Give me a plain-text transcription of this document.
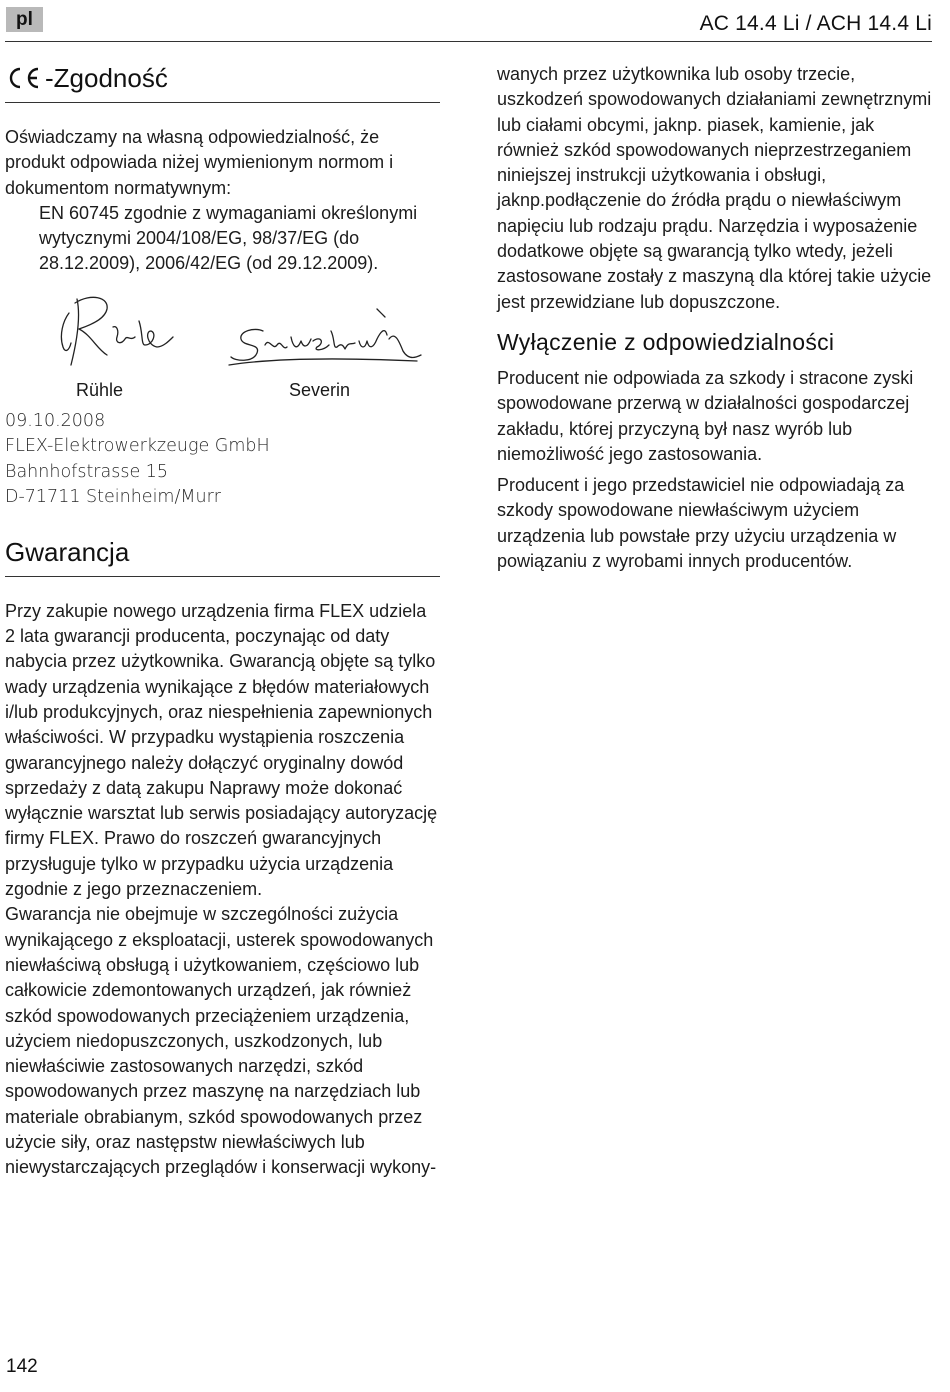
pl	AC 14.4 Li / ACH 14.4 Li
-Zgodność

Oświadczamy na własną odpowiedzialność, że produkt odpowiada niżej wymienionym normom i dokumentom normatywnym:

EN 60745 zgodnie z wymaganiami określonymi wytycznymi 2004/108/EG, 98/37/EG (do 28.12.2009), 2006/42/EG (od 29.12.2009).

Rühle	Severin

09.10.2008

FLEX-Elektrowerkzeuge GmbH

Bahnhofstrasse 15

D-71711 Steinheim/Murr

Gwarancja

Przy zakupie nowego urządzenia firma FLEX udziela 2 lata gwarancji producenta, poczynając od daty nabycia przez użytkownika. Gwarancją objęte są tylko wady urządzenia wynikające z błędów materiałowych i/lub produkcyjnych, oraz niespełnienia zapewnionych właściwości. W przypadku wystąpienia roszczenia gwarancyjnego należy dołączyć oryginalny dowód sprzedaży z datą zakupu Naprawy może dokonać wyłącznie warsztat lub serwis posiadający autoryzację firmy FLEX. Prawo do roszczeń gwarancyjnych przysługuje tylko w przypadku użycia urządzenia zgodnie z jego przeznaczeniem.

Gwarancja nie obejmuje w szczególności zużycia wynikającego z eksploatacji, usterek spowodowanych niewłaściwą obsługą i użytkowaniem, częściowo lub całkowicie zdemontowanych urządzeń, jak również szkód spowodowanych przeciążeniem urządzenia, użyciem niedopuszczonych, uszkodzonych, lub niewłaściwie zastosowanych narzędzi, szkód spowodowanych przez maszynę na narzędziach lub materiale obrabianym, szkód spowodowanych przez użycie siły, oraz następstw niewłaściwych lub niewystarczających przeglądów i konserwacji wykony-

wanych przez użytkownika lub osoby trzecie, uszkodzeń spowodowanych działaniami zewnętrznymi lub ciałami obcymi, jaknp. piasek, kamienie, jak również szkód spowodowanych nieprzestrzeganiem niniejszej instrukcji użytkowania i obsługi, jaknp.podłączenie do źródła prądu o niewłaściwym napięciu lub rodzaju prądu. Narzędzia i wyposażenie dodatkowe objęte są gwarancją tylko wtedy, jeżeli zastosowane zostały z maszyną dla której takie użycie jest przewidziane lub dopuszczone.

Wyłączenie z odpowiedzialności

Producent nie odpowiada za szkody i stracone zyski spowodowane przerwą w działalności gospodarczej zakładu, której przyczyną był nasz wyrób lub niemożliwość jego zastosowania.

Producent i jego przedstawiciel nie odpowiadają za szkody spowodowane niewłaściwym użyciem urządzenia lub powstałe przy użyciu urządzenia w powiązaniu z wyrobami innych producentów.

142
